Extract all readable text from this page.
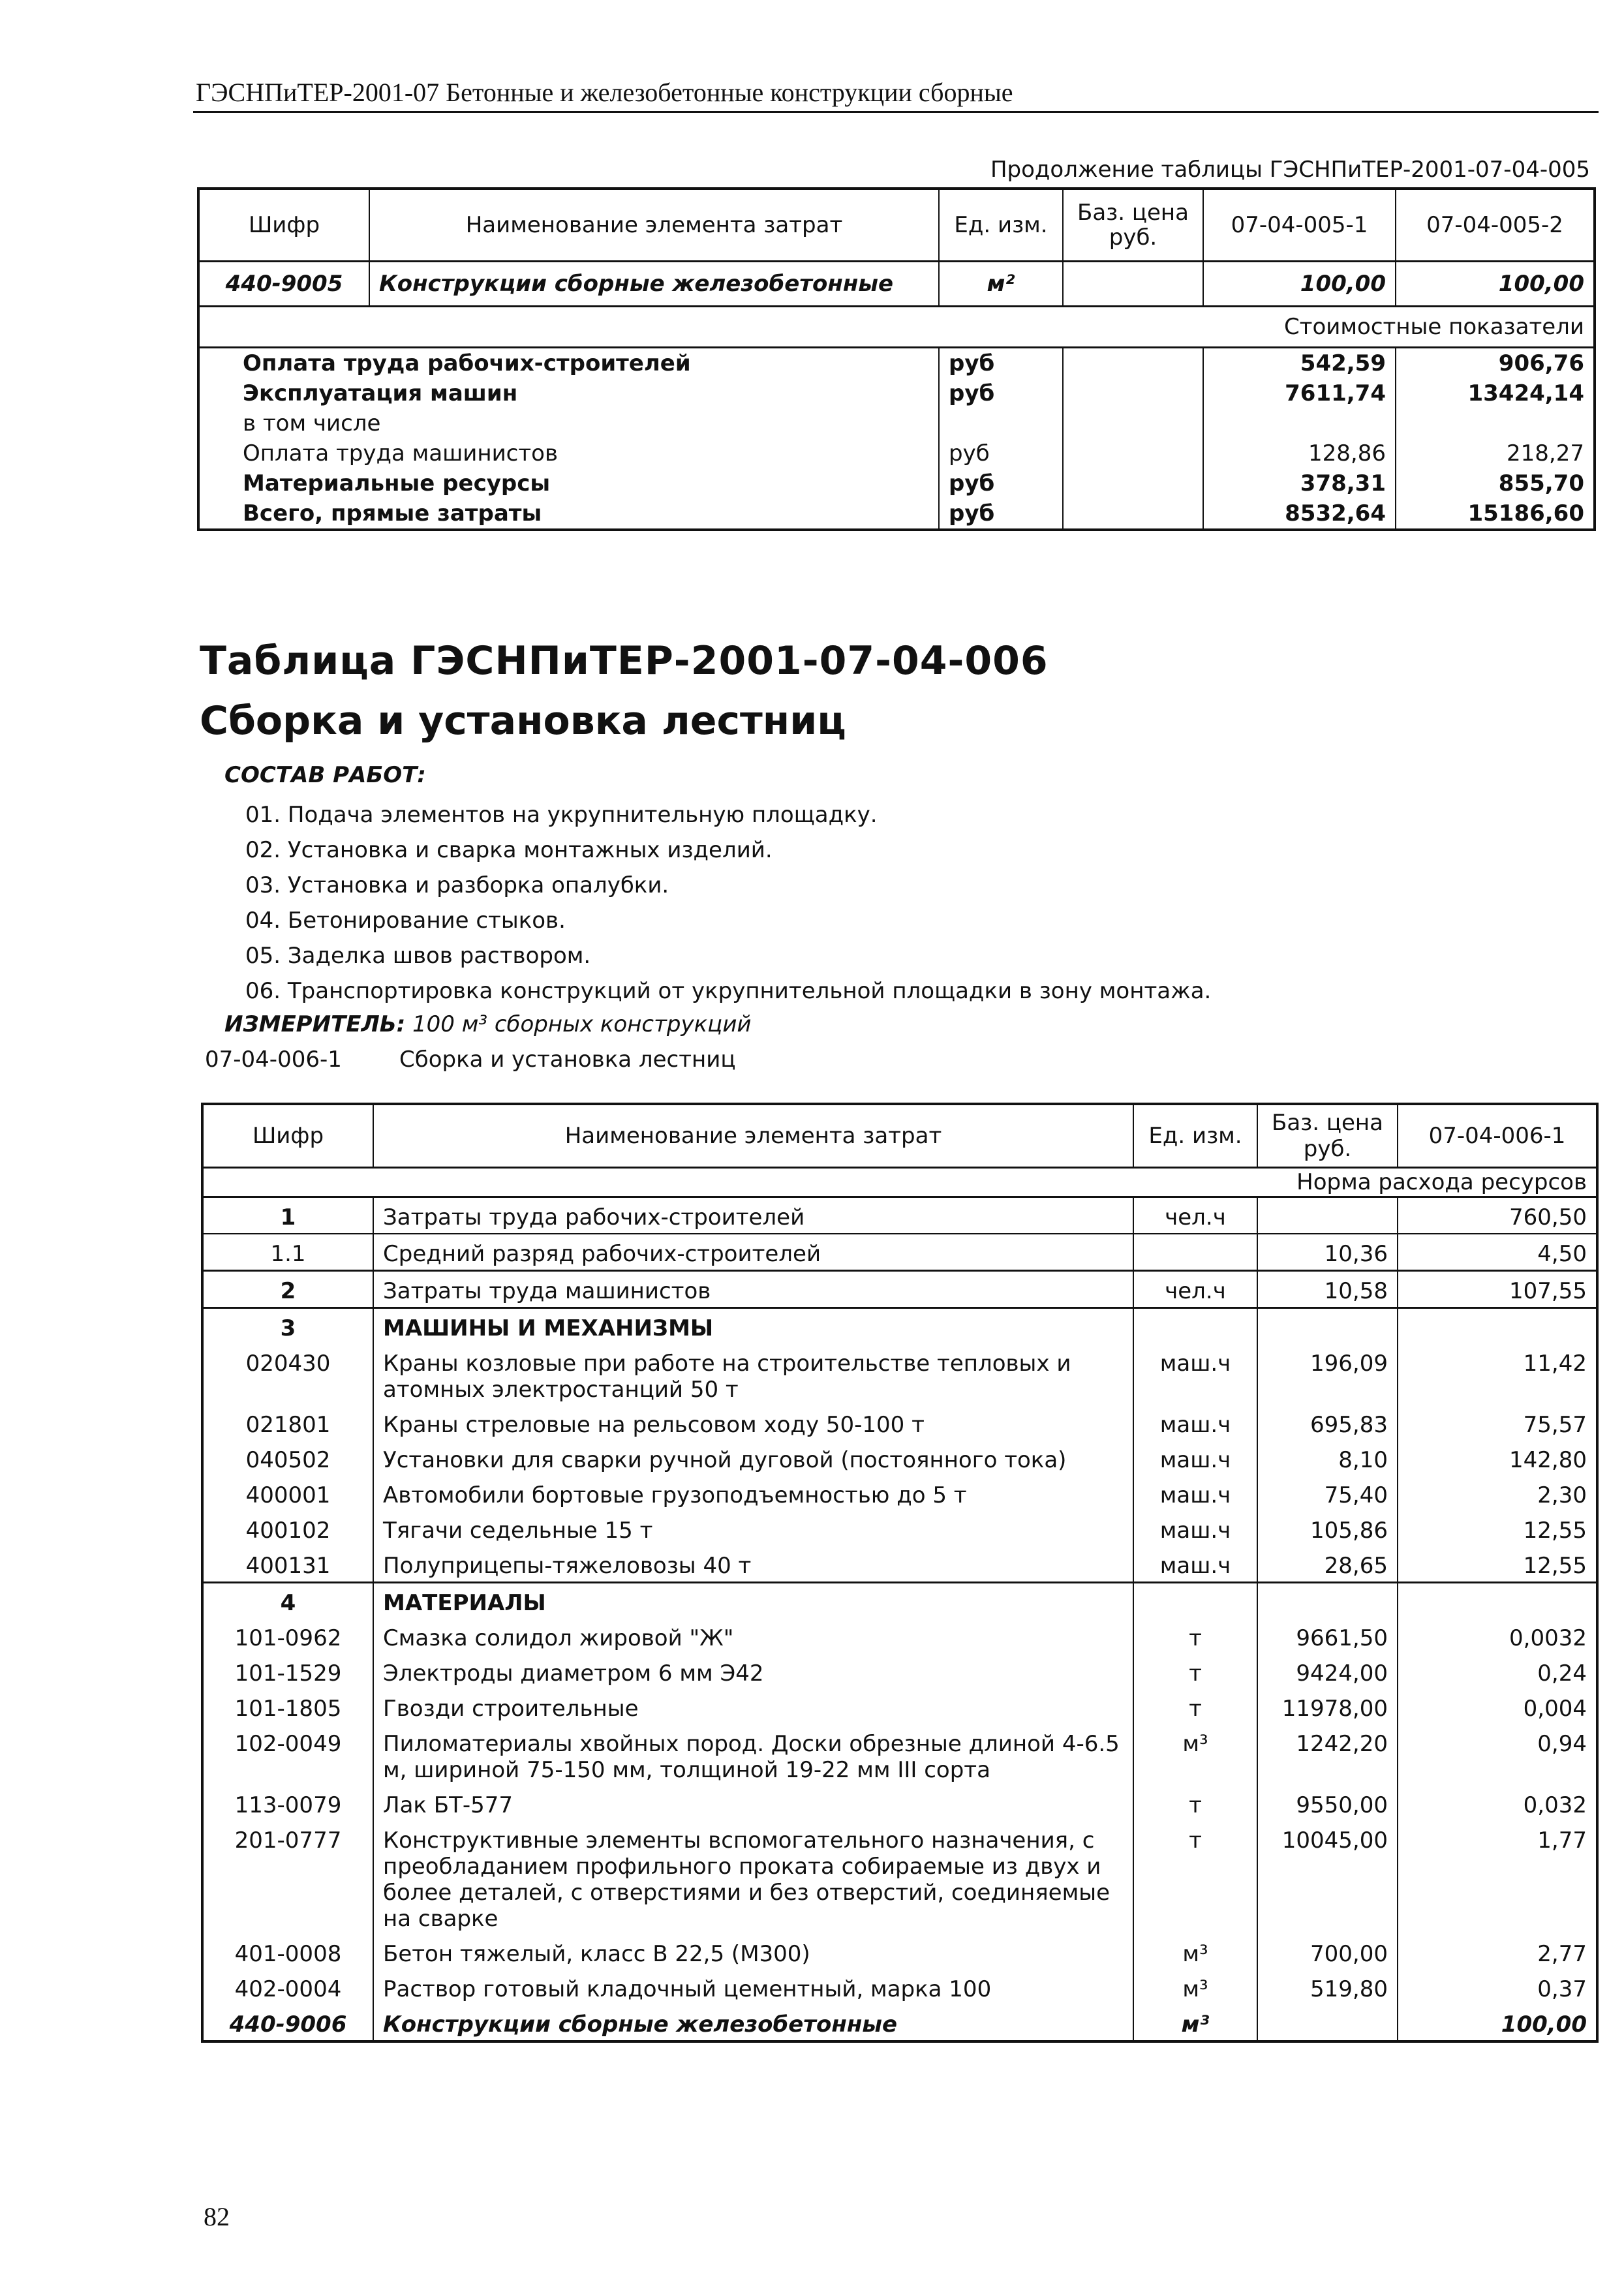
ГЭСНПиТЕР-2001-07 Бетонные и железобетонные конструкции сборные
Продолжение таблицы ГЭСНПиТЕР-2001-07-04-005
Шифр	Наименование элемента затрат	Ед. изм.	Баз. цена руб.	07-04-005-1	07-04-005-2
440-9005	Конструкции сборные железобетонные	м²		100,00	100,00
Стоимостные показатели					
Оплата труда рабочих-строителей		руб		542,59	906,76
Эксплуатация машин		руб		7611,74	13424,14
в том числе					
Оплата труда машинистов		руб		128,86	218,27
Материальные ресурсы		руб		378,31	855,70
Всего, прямые затраты		руб		8532,64	15186,60
Таблица ГЭСНПиТЕР-2001-07-04-006
Сборка и установка лестниц
СОСТАВ РАБОТ:
01. Подача элементов на укрупнительную площадку.
02. Установка и сварка монтажных изделий.
03. Установка и разборка опалубки.
04. Бетонирование стыков.
05. Заделка швов раствором.
06. Транспортировка конструкций от укрупнительной площадки в зону монтажа.
ИЗМЕРИТЕЛЬ: 100 м³ сборных конструкций
07-04-006-1	Сборка и установка лестниц
Шифр	Наименование элемента затрат	Ед. изм.	Баз. цена руб.	07-04-006-1
Норма расхода ресурсов				
1	Затраты труда рабочих-строителей	чел.ч		760,50
1.1	Средний разряд рабочих-строителей		10,36	4,50
2	Затраты труда машинистов	чел.ч	10,58	107,55
3	МАШИНЫ И МЕХАНИЗМЫ			
020430	Краны козловые при работе на строительстве тепловых и атомных электростанций 50 т	маш.ч	196,09	11,42
021801	Краны стреловые на рельсовом ходу 50-100 т	маш.ч	695,83	75,57
040502	Установки для сварки ручной дуговой (постоянного тока)	маш.ч	8,10	142,80
400001	Автомобили бортовые грузоподъемностью до 5 т	маш.ч	75,40	2,30
400102	Тягачи седельные 15 т	маш.ч	105,86	12,55
400131	Полуприцепы-тяжеловозы 40 т	маш.ч	28,65	12,55
4	МАТЕРИАЛЫ			
101-0962	Смазка солидол жировой "Ж"	т	9661,50	0,0032
101-1529	Электроды диаметром 6 мм Э42	т	9424,00	0,24
101-1805	Гвозди строительные	т	11978,00	0,004
102-0049	Пиломатериалы хвойных пород. Доски обрезные длиной 4-6.5 м, шириной 75-150 мм, толщиной 19-22 мм III сорта	м³	1242,20	0,94
113-0079	Лак БТ-577	т	9550,00	0,032
201-0777	Конструктивные элементы вспомогательного назначения, с преобладанием профильного проката собираемые из двух и более деталей, с отверстиями и без отверстий, соединяемые на сварке	т	10045,00	1,77
401-0008	Бетон тяжелый, класс В 22,5 (М300)	м³	700,00	2,77
402-0004	Раствор готовый кладочный цементный, марка 100	м³	519,80	0,37
440-9006	Конструкции сборные железобетонные	м³		100,00
82
